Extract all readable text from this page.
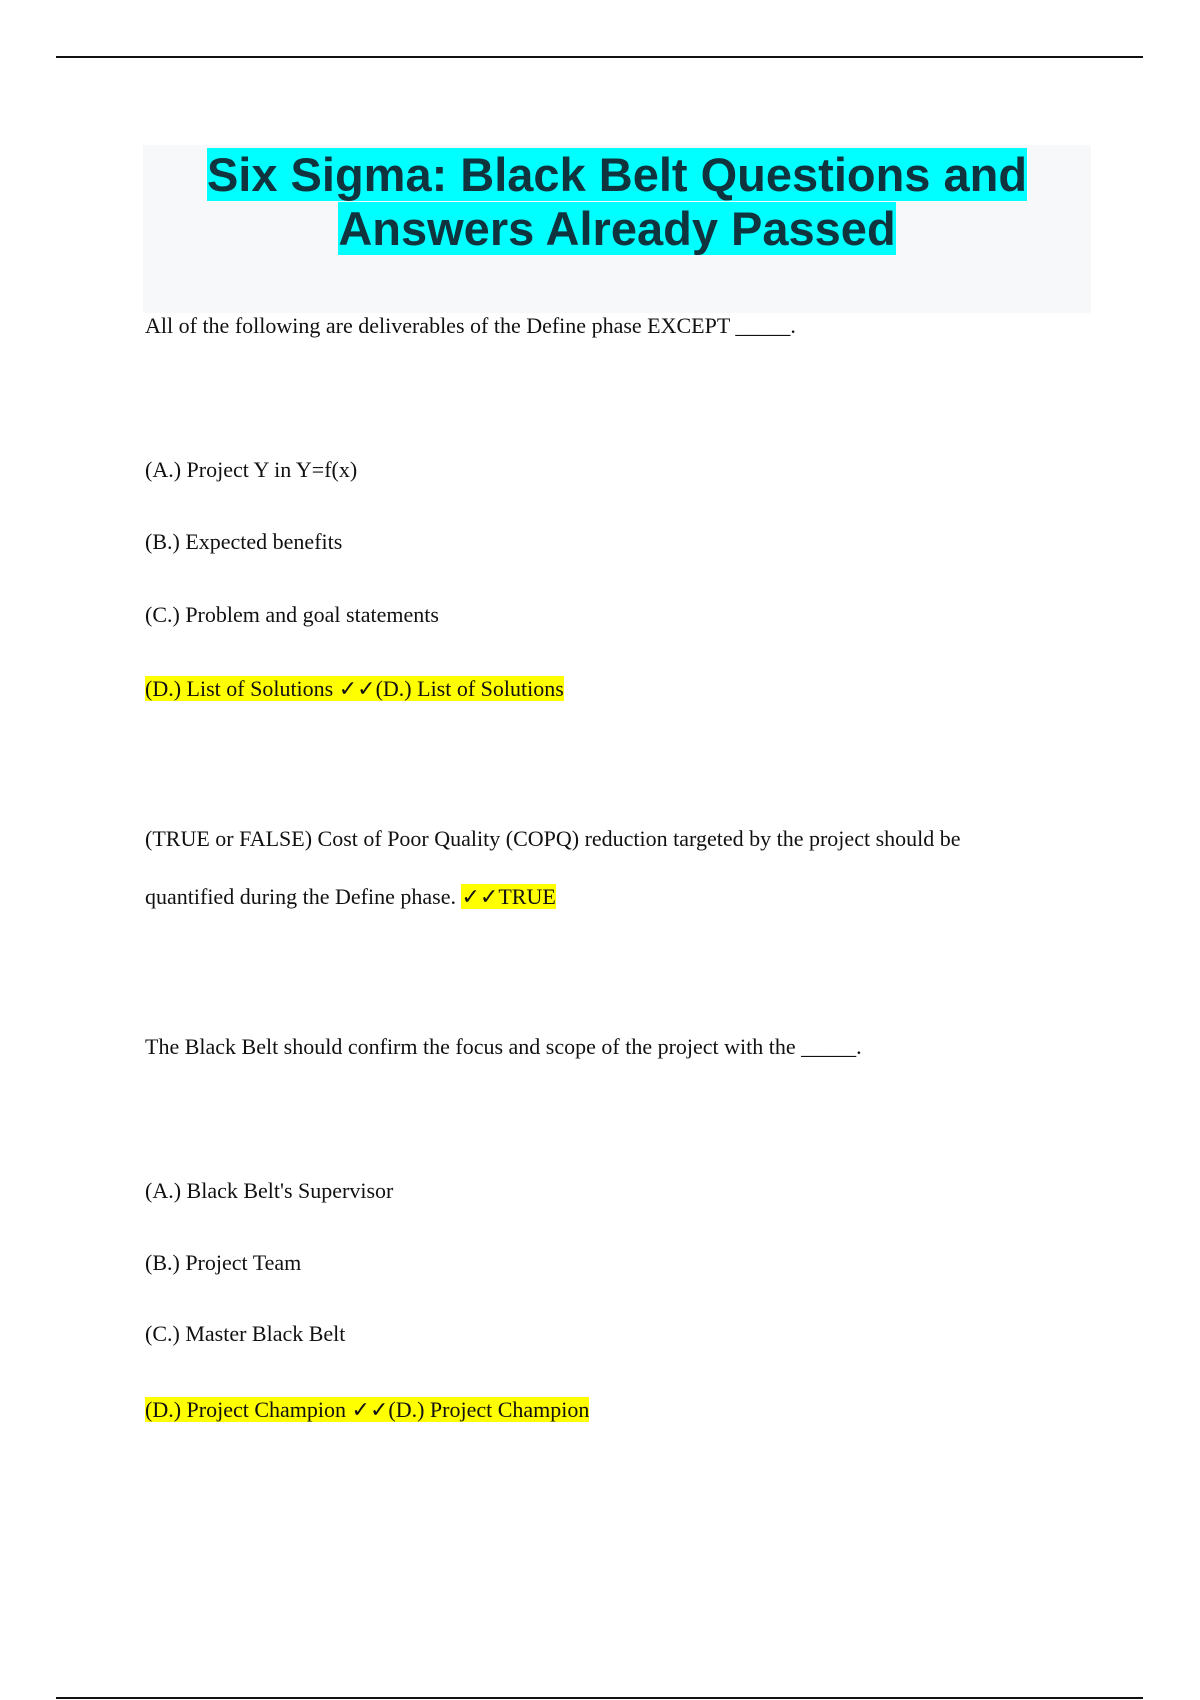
Six Sigma: Black Belt Questions and
Answers Already Passed
All of the following are deliverables of the Define phase EXCEPT _____.
(A.) Project Y in Y=f(x)
(B.) Expected benefits
(C.) Problem and goal statements
(D.) List of Solutions ✓✓(D.) List of Solutions
(TRUE or FALSE) Cost of Poor Quality (COPQ) reduction targeted by the project should be
quantified during the Define phase. ✓✓TRUE
The Black Belt should confirm the focus and scope of the project with the _____.
(A.) Black Belt's Supervisor
(B.) Project Team
(C.) Master Black Belt
(D.) Project Champion ✓✓(D.) Project Champion
